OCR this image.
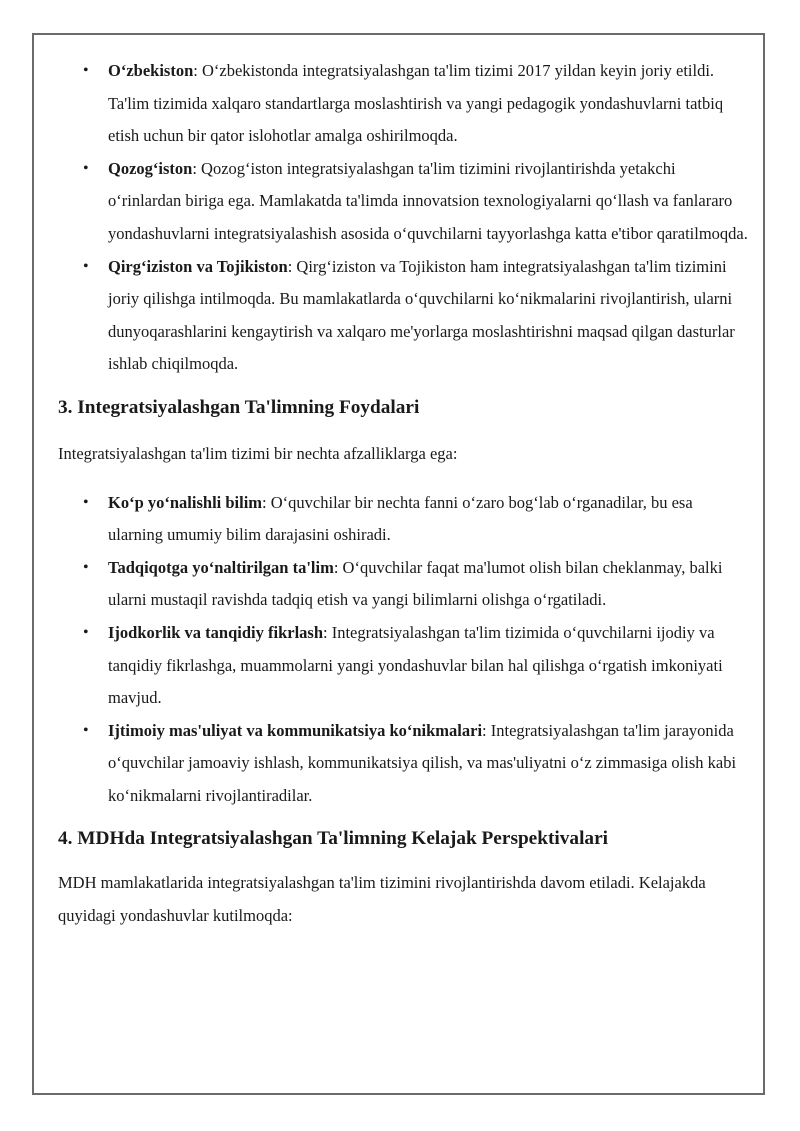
• O‘zbekiston: O‘zbekistonda integratsiyalashgan ta'lim tizimi 2017 yildan keyin joriy etildi. Ta'lim tizimida xalqaro standartlarga moslashtirish va yangi pedagogik yondashuvlarni tatbiq etish uchun bir qator islohotlar amalga oshirilmoqda.
• Qozog‘iston: Qozog‘iston integratsiyalashgan ta'lim tizimini rivojlantirishda yetakchi o‘rinlardan biriga ega. Mamlakatda ta'limda innovatsion texnologiyalarni qo‘llash va fanlararo yondashuvlarni integratsiyalashish asosida o‘quvchilarni tayyorlashga katta e'tibor qaratilmoqda.
• Qirg‘iziston va Tojikiston: Qirg‘iziston va Tojikiston ham integratsiyalashgan ta'lim tizimini joriy qilishga intilmoqda. Bu mamlakatlarda o‘quvchilarni ko‘nikmalarini rivojlantirish, ularni dunyoqarashlarini kengaytirish va xalqaro me'yorlarga moslashtirishni maqsad qilgan dasturlar ishlab chiqilmoqda.
3. Integratsiyalashgan Ta'limning Foydalari

Integratsiyalashgan ta'lim tizimi bir nechta afzalliklarga ega:

• Ko‘p yo‘nalishli bilim: O‘quvchilar bir nechta fanni o‘zaro bog‘lab o‘rganadilar, bu esa ularning umumiy bilim darajasini oshiradi.
• Tadqiqotga yo‘naltirilgan ta'lim: O‘quvchilar faqat ma'lumot olish bilan cheklanmay, balki ularni mustaqil ravishda tadqiq etish va yangi bilimlarni olishga o‘rgatiladi.
• Ijodkorlik va tanqidiy fikrlash: Integratsiyalashgan ta'lim tizimida o‘quvchilarni ijodiy va tanqidiy fikrlashga, muammolarni yangi yondashuvlar bilan hal qilishga o‘rgatish imkoniyati mavjud.
• Ijtimoiy mas'uliyat va kommunikatsiya ko‘nikmalari: Integratsiyalashgan ta'lim jarayonida o‘quvchilar jamoaviy ishlash, kommunikatsiya qilish, va mas'uliyatni o‘z zimmasiga olish kabi ko‘nikmalarni rivojlantiradilar.
4. MDHda Integratsiyalashgan Ta'limning Kelajak Perspektivalari

MDH mamlakatlarida integratsiyalashgan ta'lim tizimini rivojlantirishda davom etiladi. Kelajakda quyidagi yondashuvlar kutilmoqda:
